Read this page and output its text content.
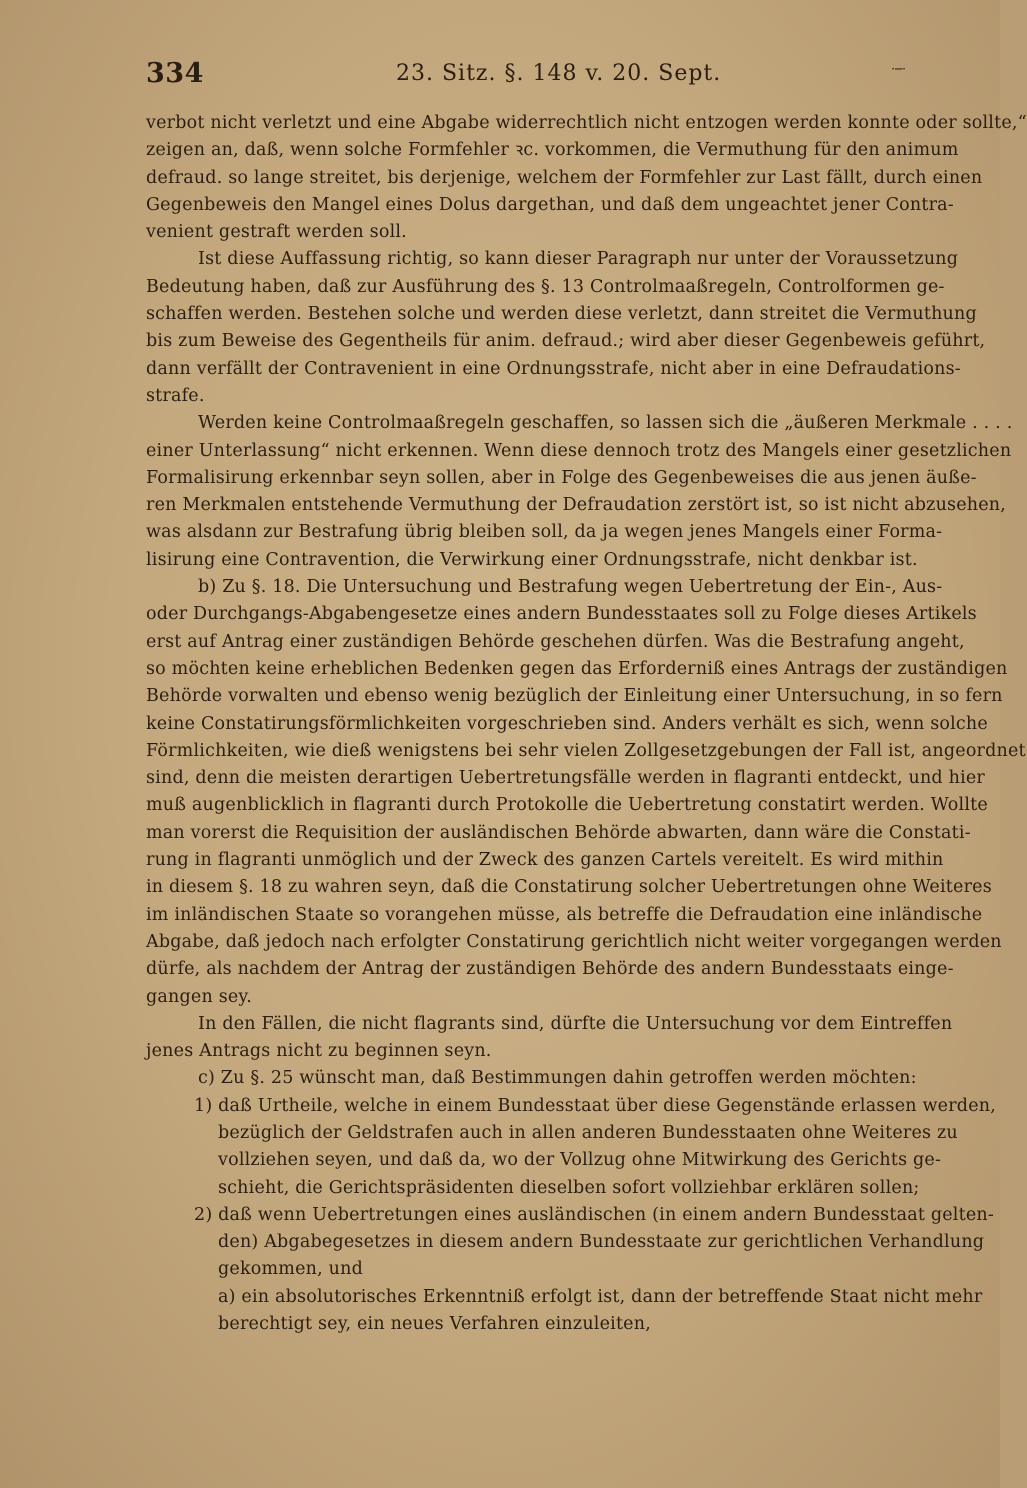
334	23. Sitz. §. 148 v. 20. Sept.	·─·
verbot nicht verletzt und eine Abgabe widerrechtlich nicht entzogen werden konnte oder sollte,“
zeigen an, daß, wenn solche Formfehler ꝛc. vorkommen, die Vermuthung für den animum
defraud. so lange streitet, bis derjenige, welchem der Formfehler zur Last fällt, durch einen
Gegenbeweis den Mangel eines Dolus dargethan, und daß dem ungeachtet jener Contra-
venient gestraft werden soll.
Ist diese Auffassung richtig, so kann dieser Paragraph nur unter der Voraussetzung
Bedeutung haben, daß zur Ausführung des §. 13 Controlmaaßregeln, Controlformen ge-
schaffen werden. Bestehen solche und werden diese verletzt, dann streitet die Vermuthung
bis zum Beweise des Gegentheils für anim. defraud.; wird aber dieser Gegenbeweis geführt,
dann verfällt der Contravenient in eine Ordnungsstrafe, nicht aber in eine Defraudations-
strafe.
Werden keine Controlmaaßregeln geschaffen, so lassen sich die „äußeren Merkmale . . . .
einer Unterlassung“ nicht erkennen. Wenn diese dennoch trotz des Mangels einer gesetzlichen
Formalisirung erkennbar seyn sollen, aber in Folge des Gegenbeweises die aus jenen äuße-
ren Merkmalen entstehende Vermuthung der Defraudation zerstört ist, so ist nicht abzusehen,
was alsdann zur Bestrafung übrig bleiben soll, da ja wegen jenes Mangels einer Forma-
lisirung eine Contravention, die Verwirkung einer Ordnungsstrafe, nicht denkbar ist.
b) Zu §. 18. Die Untersuchung und Bestrafung wegen Uebertretung der Ein-, Aus-
oder Durchgangs-Abgabengesetze eines andern Bundesstaates soll zu Folge dieses Artikels
erst auf Antrag einer zuständigen Behörde geschehen dürfen. Was die Bestrafung angeht,
so möchten keine erheblichen Bedenken gegen das Erforderniß eines Antrags der zuständigen
Behörde vorwalten und ebenso wenig bezüglich der Einleitung einer Untersuchung, in so fern
keine Constatirungsförmlichkeiten vorgeschrieben sind. Anders verhält es sich, wenn solche
Förmlichkeiten, wie dieß wenigstens bei sehr vielen Zollgesetzgebungen der Fall ist, angeordnet
sind, denn die meisten derartigen Uebertretungsfälle werden in flagranti entdeckt, und hier
muß augenblicklich in flagranti durch Protokolle die Uebertretung constatirt werden. Wollte
man vorerst die Requisition der ausländischen Behörde abwarten, dann wäre die Constati-
rung in flagranti unmöglich und der Zweck des ganzen Cartels vereitelt. Es wird mithin
in diesem §. 18 zu wahren seyn, daß die Constatirung solcher Uebertretungen ohne Weiteres
im inländischen Staate so vorangehen müsse, als betreffe die Defraudation eine inländische
Abgabe, daß jedoch nach erfolgter Constatirung gerichtlich nicht weiter vorgegangen werden
dürfe, als nachdem der Antrag der zuständigen Behörde des andern Bundesstaats einge-
gangen sey.
In den Fällen, die nicht flagrants sind, dürfte die Untersuchung vor dem Eintreffen
jenes Antrags nicht zu beginnen seyn.
c) Zu §. 25 wünscht man, daß Bestimmungen dahin getroffen werden möchten:
1) daß Urtheile, welche in einem Bundesstaat über diese Gegenstände erlassen werden,
bezüglich der Geldstrafen auch in allen anderen Bundesstaaten ohne Weiteres zu
vollziehen seyen, und daß da, wo der Vollzug ohne Mitwirkung des Gerichts ge-
schieht, die Gerichtspräsidenten dieselben sofort vollziehbar erklären sollen;
2) daß wenn Uebertretungen eines ausländischen (in einem andern Bundesstaat gelten-
den) Abgabegesetzes in diesem andern Bundesstaate zur gerichtlichen Verhandlung
gekommen, und
a) ein absolutorisches Erkenntniß erfolgt ist, dann der betreffende Staat nicht mehr
berechtigt sey, ein neues Verfahren einzuleiten,
